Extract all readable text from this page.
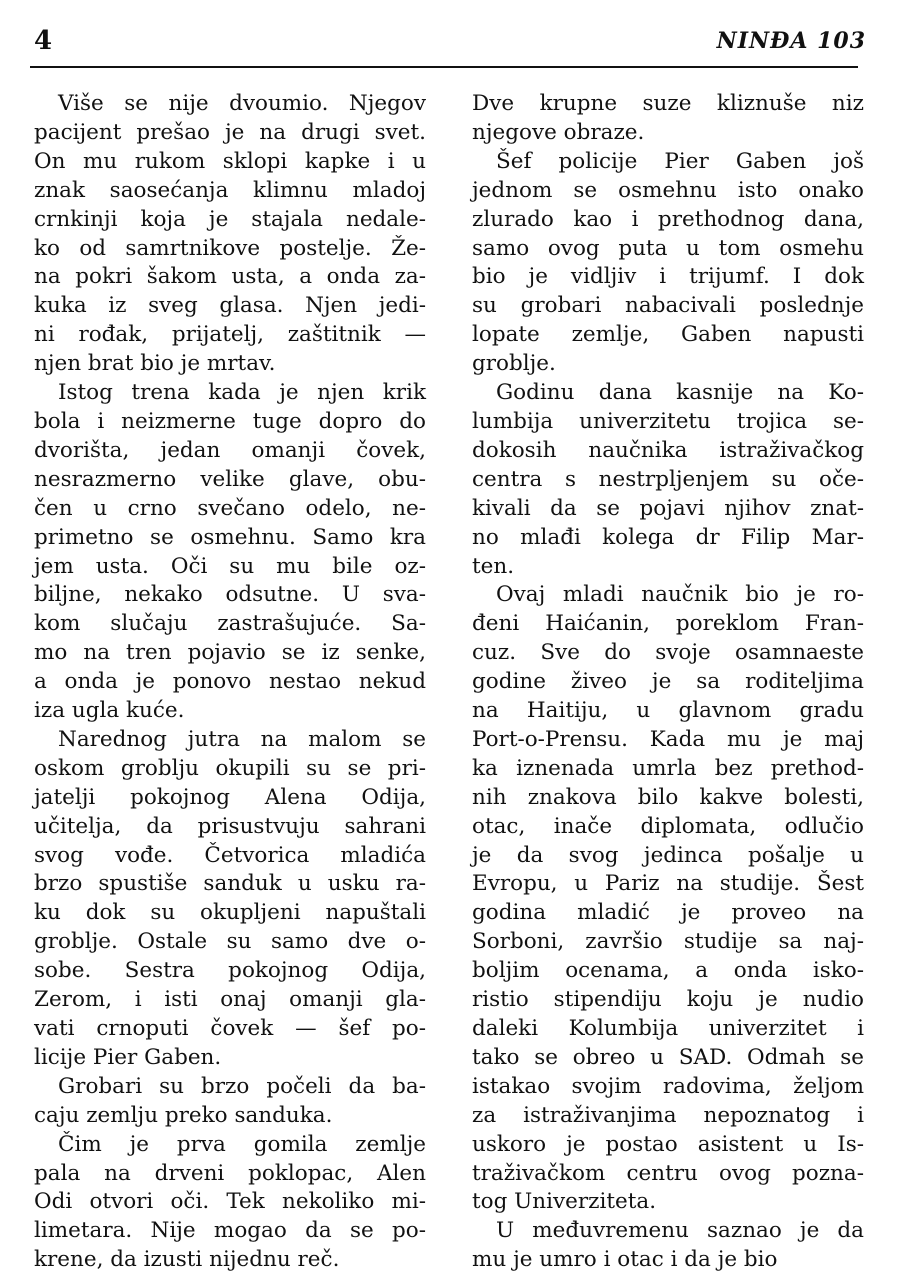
4	NINĐA 103

Više se nije dvoumio. Njegov
pacijent prešao je na drugi svet.
On mu rukom sklopi kapke i u
znak saosećanja klimnu mladoj
crnkinji koja je stajala nedale-
ko od samrtnikove postelje. Že-
na pokri šakom usta, a onda za-
kuka iz sveg glasa. Njen jedi-
ni rođak, prijatelj, zaštitnik —
njen brat bio je mrtav.

Istog trena kada je njen krik
bola i neizmerne tuge dopro do
dvorišta, jedan omanji čovek,
nesrazmerno velike glave, obu-
čen u crno svečano odelo, ne-
primetno se osmehnu. Samo kra
jem usta. Oči su mu bile oz-
biljne, nekako odsutne. U sva-
kom slučaju zastrašujuće. Sa-
mo na tren pojavio se iz senke,
a onda je ponovo nestao nekud
iza ugla kuće.

Narednog jutra na malom se
oskom groblju okupili su se pri-
jatelji pokojnog Alena Odija,
učitelja, da prisustvuju sahrani
svog vođe. Četvorica mladića
brzo spustiše sanduk u usku ra-
ku dok su okupljeni napuštali
groblje. Ostale su samo dve o-
sobe. Sestra pokojnog Odija,
Zerom, i isti onaj omanji gla-
vati crnoputi čovek — šef po-
licije Pier Gaben.

Grobari su brzo počeli da ba-
caju zemlju preko sanduka.

Čim je prva gomila zemlje
pala na drveni poklopac, Alen
Odi otvori oči. Tek nekoliko mi-
limetara. Nije mogao da se po-
krene, da izusti nijednu reč.

Dve krupne suze kliznuše niz
njegove obraze.

Šef policije Pier Gaben još
jednom se osmehnu isto onako
zlurado kao i prethodnog dana,
samo ovog puta u tom osmehu
bio je vidljiv i trijumf. I dok
su grobari nabacivali poslednje
lopate zemlje, Gaben napusti
groblje.

Godinu dana kasnije na Ko-
lumbija univerzitetu trojica se-
dokosih naučnika istraživačkog
centra s nestrpljenjem su oče-
kivali da se pojavi njihov znat-
no mlađi kolega dr Filip Mar-
ten.

Ovaj mladi naučnik bio je ro-
đeni Haićanin, poreklom Fran-
cuz. Sve do svoje osamnaeste
godine živeo je sa roditeljima
na Haitiju, u glavnom gradu
Port-o-Prensu. Kada mu je maj
ka iznenada umrla bez prethod-
nih znakova bilo kakve bolesti,
otac, inače diplomata, odlučio
je da svog jedinca pošalje u
Evropu, u Pariz na studije. Šest
godina mladić je proveo na
Sorboni, završio studije sa naj-
boljim ocenama, a onda isko-
ristio stipendiju koju je nudio
daleki Kolumbija univerzitet i
tako se obreo u SAD. Odmah se
istakao svojim radovima, željom
za istraživanjima nepoznatog i
uskoro je postao asistent u Is-
traživačkom centru ovog pozna-
tog Univerziteta.

U međuvremenu saznao je da
mu je umro i otac i da je bio
